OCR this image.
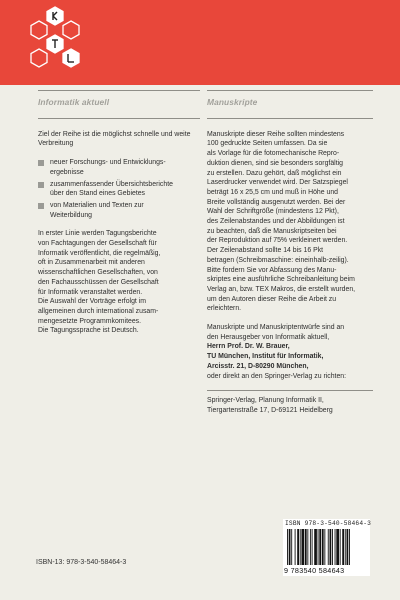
Informatik aktuell

Ziel der Reihe ist die möglichst schnelle und weite Verbreitung

neuer Forschungs- und Entwicklungs-
ergebnisse
zusammenfassender Übersichtsberichte
über den Stand eines Gebietes
von Materialien und Texten zur
Weiterbildung

In erster Linie werden Tagungsberichte
von Fachtagungen der Gesellschaft für
Informatik veröffentlicht, die regelmäßig,
oft in Zusammenarbeit mit anderen
wissenschaftlichen Gesellschaften, von
den Fachausschüssen der Gesellschaft
für Informatik veranstaltet werden.

Die Auswahl der Vorträge erfolgt im
allgemeinen durch international zusam-
mengesetzte Programmkomitees.

Die Tagungssprache ist Deutsch.

Manuskripte

Manuskripte dieser Reihe sollten mindestens
100 gedruckte Seiten umfassen. Da sie
als Vorlage für die fotomechanische Repro-
duktion dienen, sind sie besonders sorgfältig
zu erstellen. Dazu gehört, daß möglichst ein
Laserdrucker verwendet wird. Der Satzspiegel
beträgt 16 x 25,5 cm und muß in Höhe und
Breite vollständig ausgenutzt werden. Bei der
Wahl der Schriftgröße (mindestens 12 Pkt),
des Zeilenabstandes und der Abbildungen ist
zu beachten, daß die Manuskriptseiten bei
der Reproduktion auf 75% verkleinert werden.
Der Zeilenabstand sollte 14 bis 16 Pkt
betragen (Schreibmaschine: eineinhalb-zeilig).

Bitte fordern Sie vor Abfassung des Manu-
skriptes eine ausführliche Schreibanleitung beim
Verlag an, bzw. TEX Makros, die erstellt wurden,
um den Autoren dieser Reihe die Arbeit zu
erleichtern.

Manuskripte und Manuskriptentwürfe sind an
den Herausgeber von Informatik aktuell,

Herrn Prof. Dr. W. Brauer,
TU München, Institut für Informatik,
Arcisstr. 21, D-80290 München,

oder direkt an den Springer-Verlag zu richten:

Springer-Verlag, Planung Informatik II,
Tiergartenstraße 17, D-69121 Heidelberg

ISBN 978-3-540-58464-3
9 783540 584643
ISBN-13: 978-3-540-58464-3
